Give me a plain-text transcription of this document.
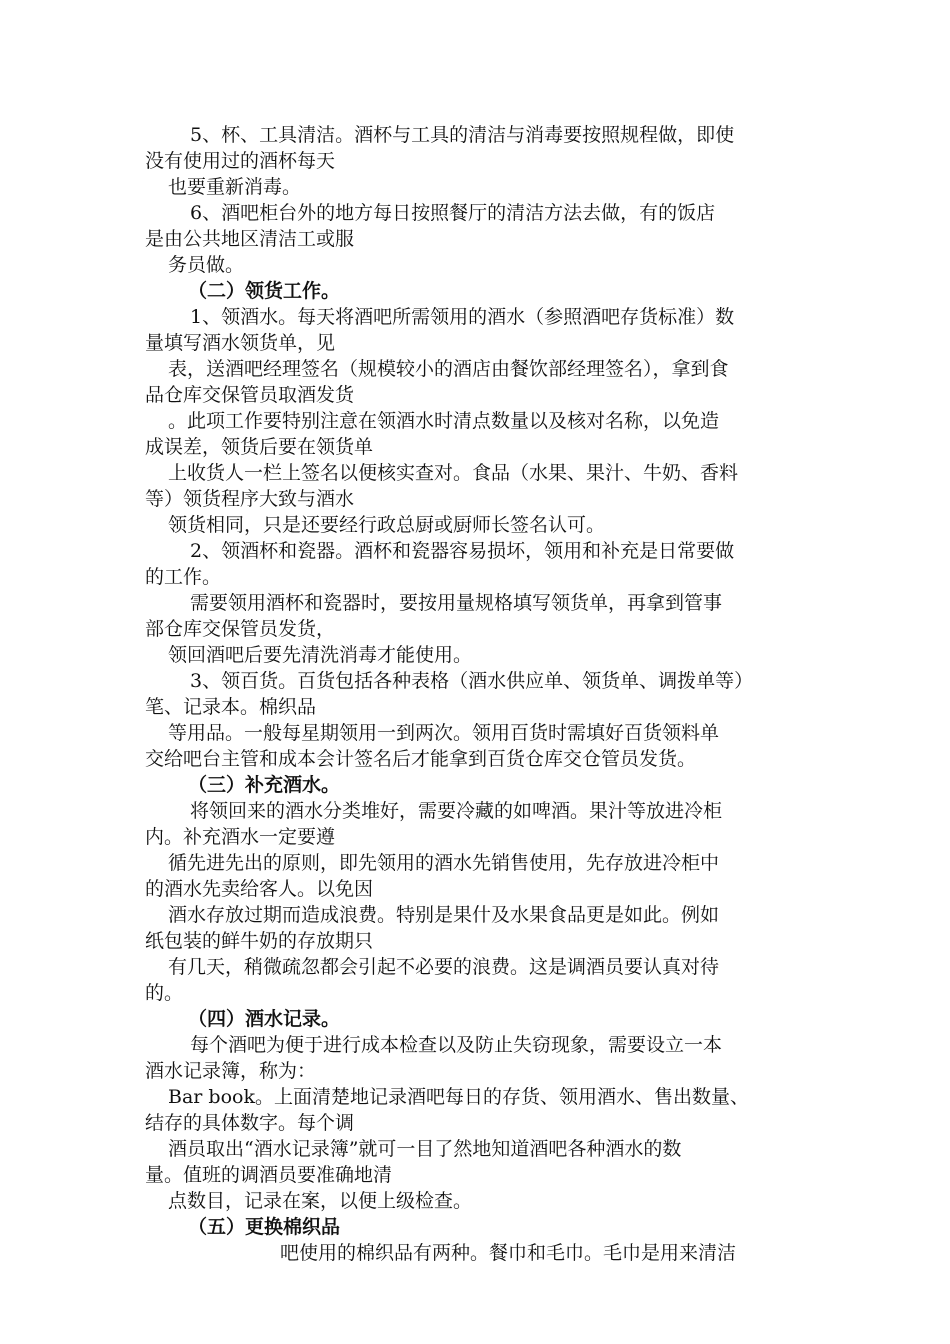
5、杯、工具清洁。酒杯与工具的清洁与消毒要按照规程做，即使
没有使用过的酒杯每天
也要重新消毒。
6、酒吧柜台外的地方每日按照餐厅的清洁方法去做，有的饭店
是由公共地区清洁工或服
务员做。
（二）领货工作。
1、领酒水。每天将酒吧所需领用的酒水（参照酒吧存货标准）数
量填写酒水领货单，见
表，送酒吧经理签名（规模较小的酒店由餐饮部经理签名），拿到食
品仓库交保管员取酒发货
。此项工作要特别注意在领酒水时清点数量以及核对名称，以免造
成误差，领货后要在领货单
上收货人一栏上签名以便核实查对。食品（水果、果汁、牛奶、香料
等）领货程序大致与酒水
领货相同，只是还要经行政总厨或厨师长签名认可。
2、领酒杯和瓷器。酒杯和瓷器容易损坏，领用和补充是日常要做
的工作。
需要领用酒杯和瓷器时，要按用量规格填写领货单，再拿到管事
部仓库交保管员发货，
领回酒吧后要先清洗消毒才能使用。
3、领百货。百货包括各种表格（酒水供应单、领货单、调拨单等）
笔、记录本。棉织品
等用品。一般每星期领用一到两次。领用百货时需填好百货领料单
交给吧台主管和成本会计签名后才能拿到百货仓库交仓管员发货。
（三）补充酒水。
将领回来的酒水分类堆好，需要冷藏的如啤酒。果汁等放进冷柜
内。补充酒水一定要遵
循先进先出的原则，即先领用的酒水先销售使用，先存放进冷柜中
的酒水先卖给客人。以免因
酒水存放过期而造成浪费。特别是果什及水果食品更是如此。例如
纸包装的鲜牛奶的存放期只
有几天，稍微疏忽都会引起不必要的浪费。这是调酒员要认真对待
的。
（四）酒水记录。
每个酒吧为便于进行成本检查以及防止失窃现象，需要设立一本
酒水记录簿，称为：
Bar book。上面清楚地记录酒吧每日的存货、领用酒水、售出数量、
结存的具体数字。每个调
酒员取出“酒水记录簿”就可一目了然地知道酒吧各种酒水的数
量。值班的调酒员要准确地清
点数目，记录在案，以便上级检查。
（五）更换棉织品
吧使用的棉织品有两种。餐巾和毛巾。毛巾是用来清洁
